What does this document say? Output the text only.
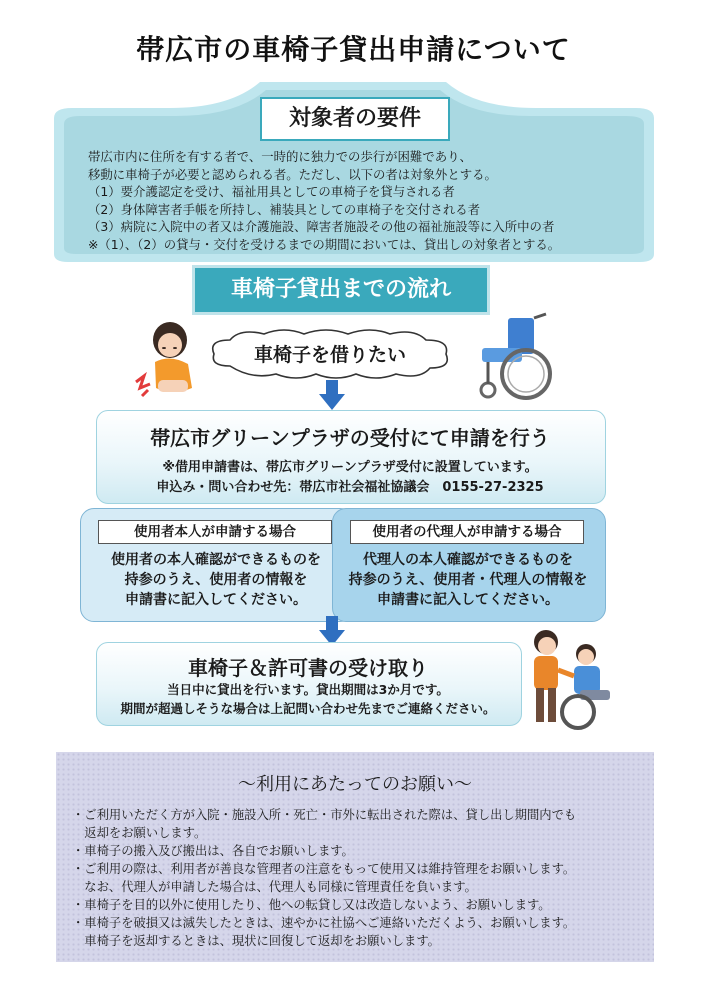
帯広市の車椅子貸出申請について
対象者の要件
帯広市内に住所を有する者で、一時的に独力での歩行が困難であり、
移動に車椅子が必要と認められる者。ただし、以下の者は対象外とする。
（1）要介護認定を受け、福祉用具としての車椅子を貸与される者
（2）身体障害者手帳を所持し、補装具としての車椅子を交付される者
（3）病院に入院中の者又は介護施設、障害者施設その他の福祉施設等に入所中の者
※（1）、（2）の貸与・交付を受けるまでの期間においては、貸出しの対象者とする。
車椅子貸出までの流れ
車椅子を借りたい
帯広市グリーンプラザの受付にて申請を行う
※借用申請書は、帯広市グリーンプラザ受付に設置しています。
申込み・問い合わせ先：帯広市社会福祉協議会　0155-27-2325
使用者本人が申請する場合
使用者の本人確認ができるものを
持参のうえ、使用者の情報を
申請書に記入してください。
使用者の代理人が申請する場合
代理人の本人確認ができるものを
持参のうえ、使用者・代理人の情報を
申請書に記入してください。
車椅子＆許可書の受け取り
当日中に貸出を行います。貸出期間は3か月です。
期間が超過しそうな場合は上記問い合わせ先までご連絡ください。
～利用にあたってのお願い～
・ご利用いただく方が入院・施設入所・死亡・市外に転出された際は、貸し出し期間内でも
　返却をお願いします。
・車椅子の搬入及び搬出は、各自でお願いします。
・ご利用の際は、利用者が善良な管理者の注意をもって使用又は維持管理をお願いします。
　なお、代理人が申請した場合は、代理人も同様に管理責任を負います。
・車椅子を目的以外に使用したり、他への転貸し又は改造しないよう、お願いします。
・車椅子を破損又は滅失したときは、速やかに社協へご連絡いただくよう、お願いします。
　車椅子を返却するときは、現状に回復して返却をお願いします。
